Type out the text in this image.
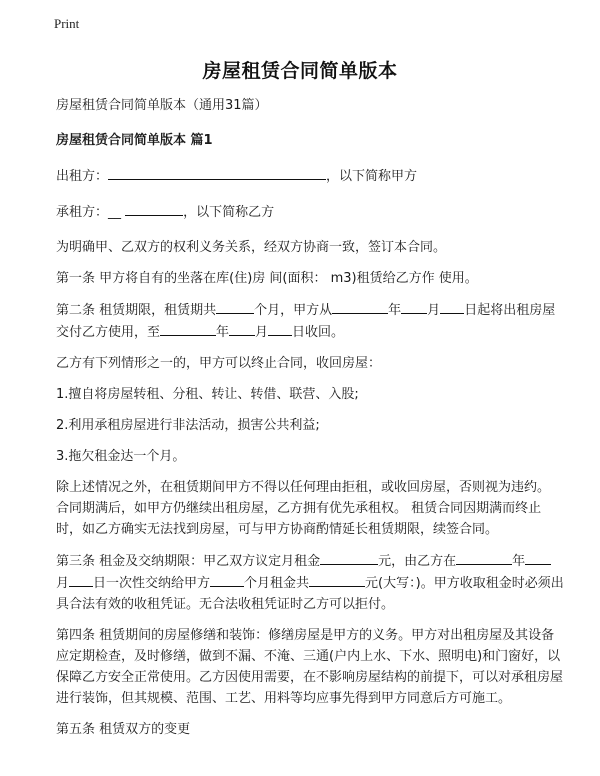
Print
房屋租赁合同简单版本

房屋租赁合同简单版本（通用31篇）

房屋租赁合同简单版本 篇1

出租方：	，以下简称甲方

承租方：__	，以下简称乙方

为明确甲、乙双方的权利义务关系，经双方协商一致，签订本合同。

第一条 甲方将自有的坐落在库(住)房 间(面积： m3)租赁给乙方作 使用。

第二条 租赁期限，租赁期共	个月，甲方从	年 月 日起将出租房屋交付乙方使用，至	年 月 日收回。

乙方有下列情形之一的，甲方可以终止合同，收回房屋：

1.擅自将房屋转租、分租、转让、转借、联营、入股;

2.利用承租房屋进行非法活动，损害公共利益;

3.拖欠租金达一个月。

除上述情况之外，在租赁期间甲方不得以任何理由拒租，或收回房屋，否则视为违约。 合同期满后，如甲方仍继续出租房屋，乙方拥有优先承租权。 租赁合同因期满而终止时，如乙方确实无法找到房屋，可与甲方协商酌情延长租赁期限，续签合同。

第三条 租金及交纳期限：甲乙双方议定月租金	元，由乙方在	年月 日一次性交纳给甲方	个月租金共	元(大写：)。甲方收取租金时必须出具合法有效的收租凭证。无合法收租凭证时乙方可以拒付。

第四条 租赁期间的房屋修缮和装饰：修缮房屋是甲方的义务。甲方对出租房屋及其设备应定期检查，及时修缮，做到不漏、不淹、三通(户内上水、下水、照明电)和门窗好，以保障乙方安全正常使用。乙方因使用需要，在不影响房屋结构的前提下，可以对承租房屋进行装饰，但其规模、范围、工艺、用料等均应事先得到甲方同意后方可施工。

第五条 租赁双方的变更
